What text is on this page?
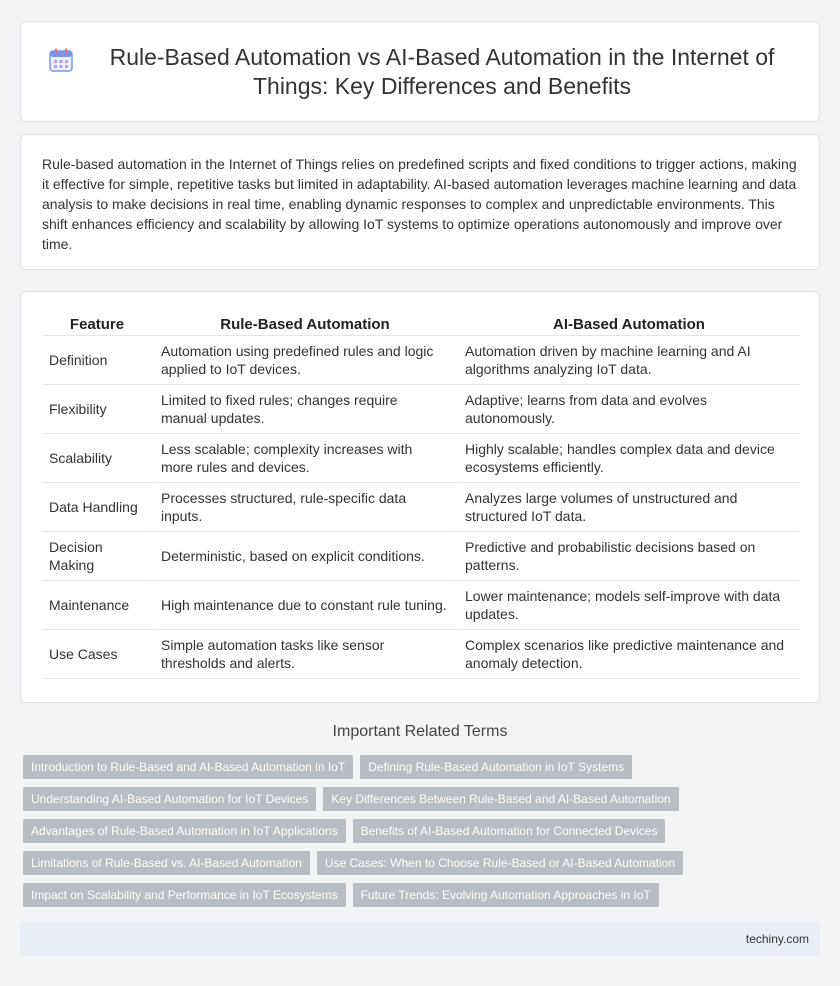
Rule-Based Automation vs AI-Based Automation in the Internet of Things: Key Differences and Benefits

Rule-based automation in the Internet of Things relies on predefined scripts and fixed conditions to trigger actions, making it effective for simple, repetitive tasks but limited in adaptability. AI-based automation leverages machine learning and data analysis to make decisions in real time, enabling dynamic responses to complex and unpredictable environments. This shift enhances efficiency and scalability by allowing IoT systems to optimize operations autonomously and improve over time.

Feature	Rule-Based Automation	AI-Based Automation
Definition	Automation using predefined rules and logic applied to IoT devices.	Automation driven by machine learning and AI algorithms analyzing IoT data.
Flexibility	Limited to fixed rules; changes require manual updates.	Adaptive; learns from data and evolves autonomously.
Scalability	Less scalable; complexity increases with more rules and devices.	Highly scalable; handles complex data and device ecosystems efficiently.
Data Handling	Processes structured, rule-specific data inputs.	Analyzes large volumes of unstructured and structured IoT data.
Decision Making	Deterministic, based on explicit conditions.	Predictive and probabilistic decisions based on patterns.
Maintenance	High maintenance due to constant rule tuning.	Lower maintenance; models self-improve with data updates.
Use Cases	Simple automation tasks like sensor thresholds and alerts.	Complex scenarios like predictive maintenance and anomaly detection.
Important Related Terms
Introduction to Rule-Based and AI-Based Automation in IoT	Defining Rule-Based Automation in IoT Systems
Understanding AI-Based Automation for IoT Devices	Key Differences Between Rule-Based and AI-Based Automation
Advantages of Rule-Based Automation in IoT Applications	Benefits of AI-Based Automation for Connected Devices
Limitations of Rule-Based vs. AI-Based Automation	Use Cases: When to Choose Rule-Based or AI-Based Automation
Impact on Scalability and Performance in IoT Ecosystems	Future Trends: Evolving Automation Approaches in IoT
techiny.com
